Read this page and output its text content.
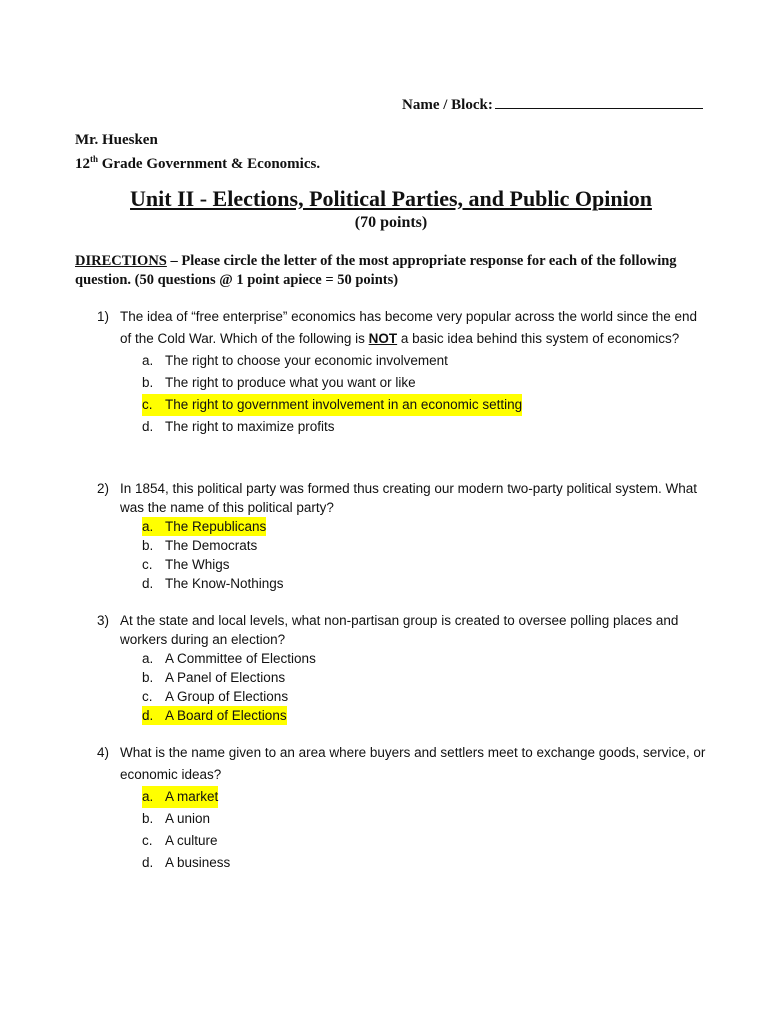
Name / Block:
Mr. Huesken
12th Grade Government & Economics.
Unit II - Elections, Political Parties, and Public Opinion
(70 points)
DIRECTIONS – Please circle the letter of the most appropriate response for each of the following question. (50 questions @ 1 point apiece = 50 points)
1) The idea of “free enterprise” economics has become very popular across the world since the end of the Cold War. Which of the following is NOT a basic idea behind this system of economics?
a. The right to choose your economic involvement
b. The right to produce what you want or like
c. The right to government involvement in an economic setting
d. The right to maximize profits
2) In 1854, this political party was formed thus creating our modern two-party political system. What was the name of this political party?
a. The Republicans
b. The Democrats
c. The Whigs
d. The Know-Nothings
3) At the state and local levels, what non-partisan group is created to oversee polling places and workers during an election?
a. A Committee of Elections
b. A Panel of Elections
c. A Group of Elections
d. A Board of Elections
4) What is the name given to an area where buyers and settlers meet to exchange goods, service, or economic ideas?
a. A market
b. A union
c. A culture
d. A business
